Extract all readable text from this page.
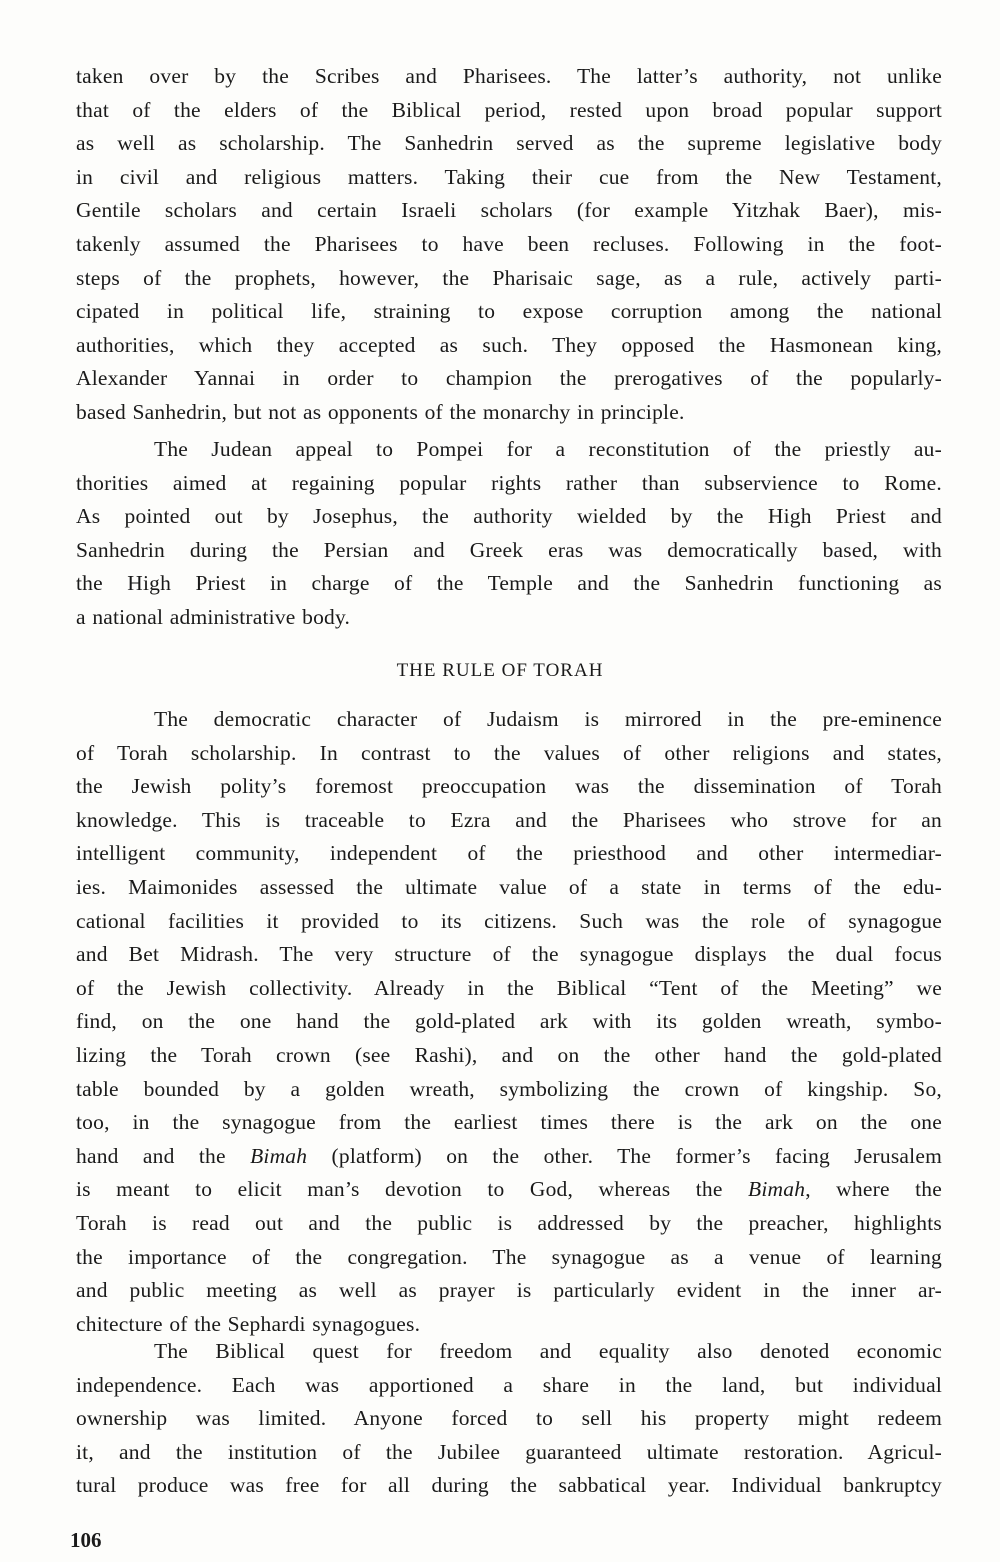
taken over by the Scribes and Pharisees. The latter’s authority, not unlike
that of the elders of the Biblical period, rested upon broad popular support
as well as scholarship. The Sanhedrin served as the supreme legislative body
in civil and religious matters. Taking their cue from the New Testament,
Gentile scholars and certain Israeli scholars (for example Yitzhak Baer), mis-
takenly assumed the Pharisees to have been recluses. Following in the foot-
steps of the prophets, however, the Pharisaic sage, as a rule, actively parti-
cipated in political life, straining to expose corruption among the national
authorities, which they accepted as such. They opposed the Hasmonean king,
Alexander Yannai in order to champion the prerogatives of the popularly-
based Sanhedrin, but not as opponents of the monarchy in principle.
The Judean appeal to Pompei for a reconstitution of the priestly au-
thorities aimed at regaining popular rights rather than subservience to Rome.
As pointed out by Josephus, the authority wielded by the High Priest and
Sanhedrin during the Persian and Greek eras was democratically based, with
the High Priest in charge of the Temple and the Sanhedrin functioning as
a national administrative body.
THE RULE OF TORAH
The democratic character of Judaism is mirrored in the pre-eminence
of Torah scholarship. In contrast to the values of other religions and states,
the Jewish polity’s foremost preoccupation was the dissemination of Torah
knowledge. This is traceable to Ezra and the Pharisees who strove for an
intelligent community, independent of the priesthood and other intermediar-
ies. Maimonides assessed the ultimate value of a state in terms of the edu-
cational facilities it provided to its citizens. Such was the role of synagogue
and Bet Midrash. The very structure of the synagogue displays the dual focus
of the Jewish collectivity. Already in the Biblical “Tent of the Meeting” we
find, on the one hand the gold-plated ark with its golden wreath, symbo-
lizing the Torah crown (see Rashi), and on the other hand the gold-plated
table bounded by a golden wreath, symbolizing the crown of kingship. So,
too, in the synagogue from the earliest times there is the ark on the one
hand and the Bimah (platform) on the other. The former’s facing Jerusalem
is meant to elicit man’s devotion to God, whereas the Bimah, where the
Torah is read out and the public is addressed by the preacher, highlights
the importance of the congregation. The synagogue as a venue of learning
and public meeting as well as prayer is particularly evident in the inner ar-
chitecture of the Sephardi synagogues.
The Biblical quest for freedom and equality also denoted economic
independence. Each was apportioned a share in the land, but individual
ownership was limited. Anyone forced to sell his property might redeem
it, and the institution of the Jubilee guaranteed ultimate restoration. Agricul-
tural produce was free for all during the sabbatical year. Individual bankruptcy
106
